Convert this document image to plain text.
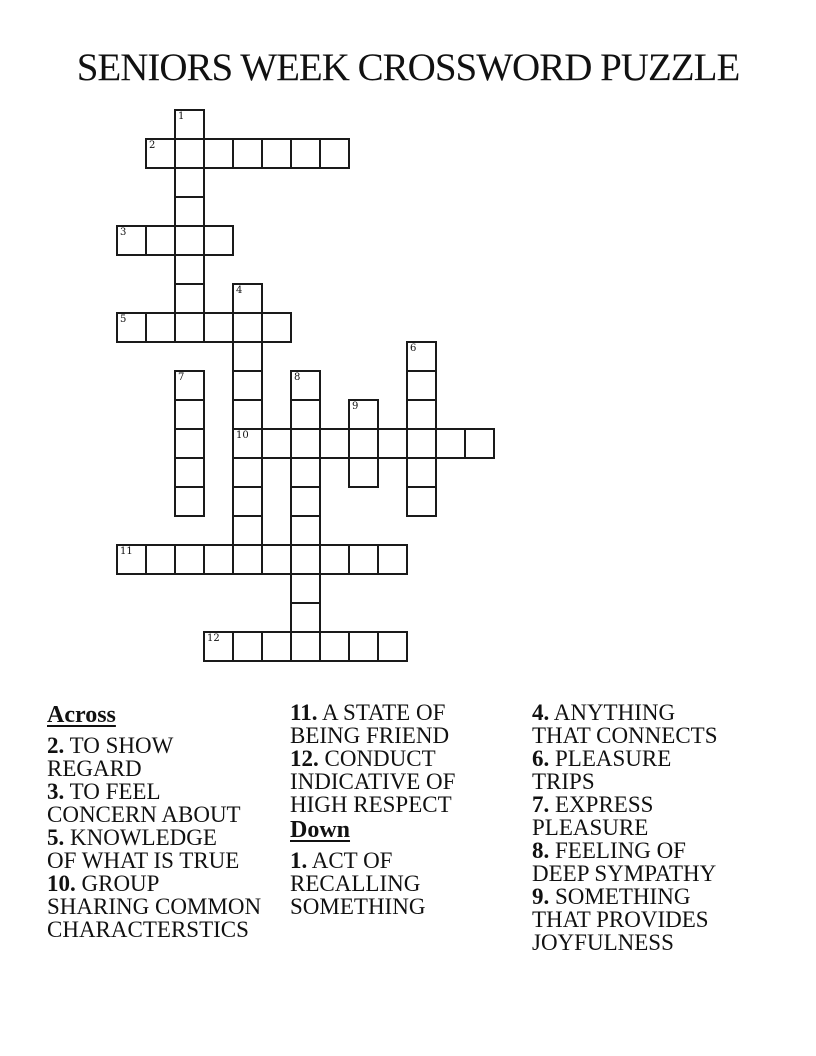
SENIORS WEEK CROSSWORD PUZZLE
1
2
3
4
10
5
6
7	8
9
11
12
Across
2. TO SHOW
REGARD
3. TO FEEL
CONCERN ABOUT
5. KNOWLEDGE
OF WHAT IS TRUE
10. GROUP
SHARING COMMON
CHARACTERSTICS
11. A STATE OF
BEING FRIEND
12. CONDUCT
INDICATIVE OF
HIGH RESPECT
Down
1. ACT OF
RECALLING
SOMETHING
4. ANYTHING
THAT CONNECTS
6. PLEASURE
TRIPS
7. EXPRESS
PLEASURE
8. FEELING OF
DEEP SYMPATHY
9. SOMETHING
THAT PROVIDES
JOYFULNESS
